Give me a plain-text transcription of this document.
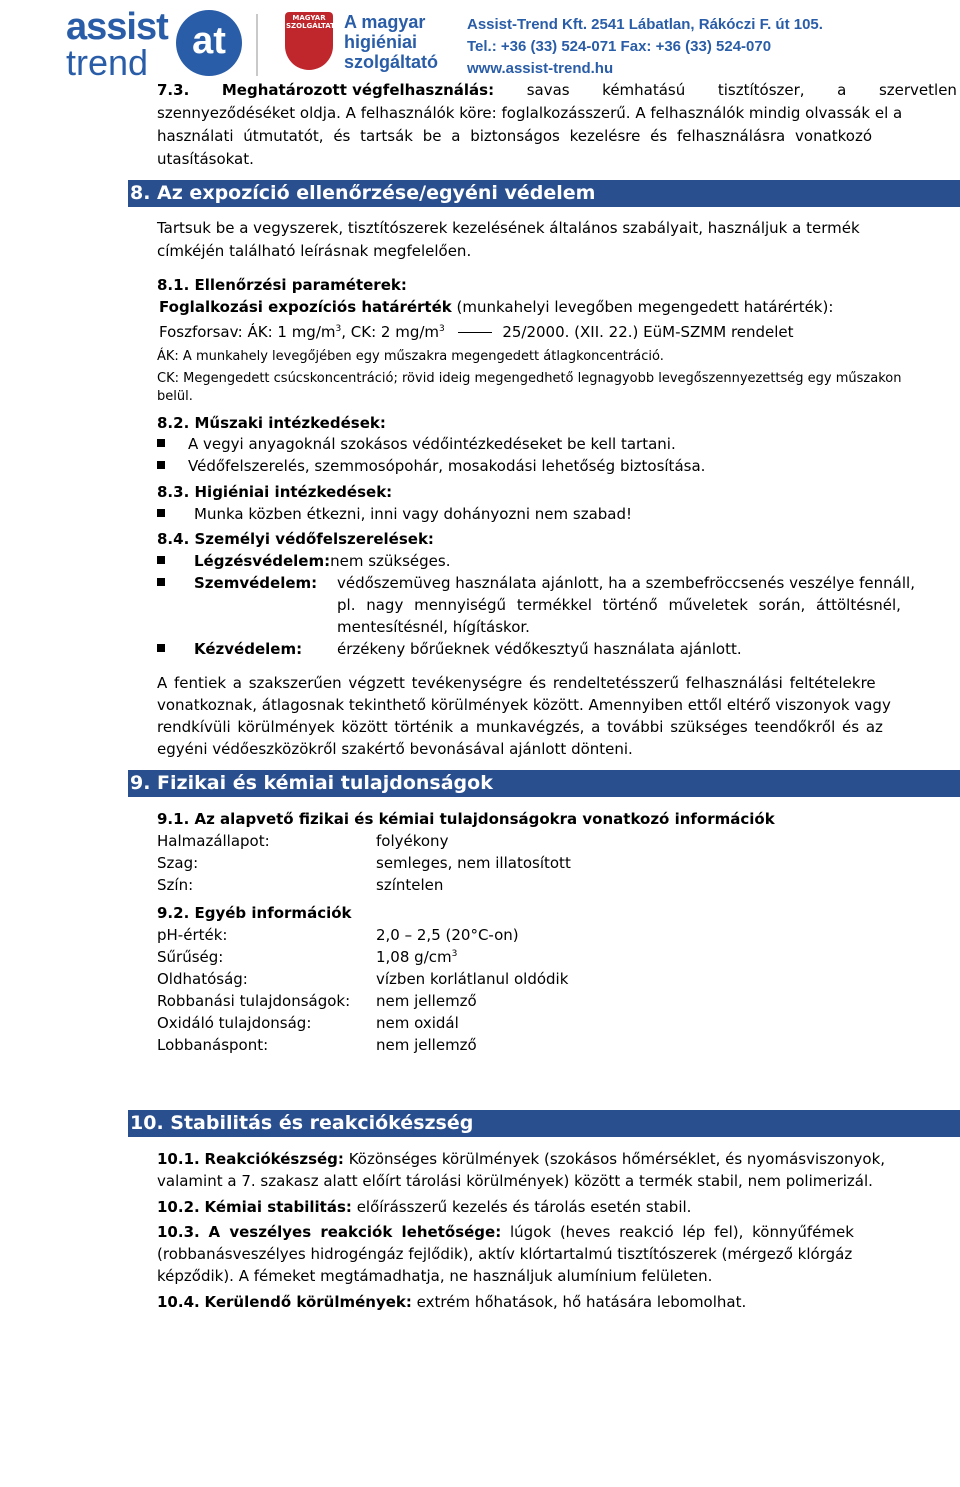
assist
trend
at
MAGYAR SZOLGÁLTATÁS A magyar
higiéniai
szolgáltató
Assist-Trend Kft. 2541 Lábatlan, Rákóczi F. út 105.
Tel.: +36 (33) 524-071 Fax: +36 (33) 524-070
www.assist-trend.hu
7.3. Meghatározott végfelhasználás: savas kémhatású tisztítószer, a szervetlen
szennyeződéséket oldja. A felhasználók köre: foglalkozásszerű. A felhasználók mindig olvassák el a
használati útmutatót, és tartsák be a biztonságos kezelésre és felhasználásra vonatkozó
utasításokat.
8. Az expozíció ellenőrzése/egyéni védelem
Tartsuk be a vegyszerek, tisztítószerek kezelésének általános szabályait, használjuk a termék
címkéjén található leírásnak megfelelően.
8.1. Ellenőrzési paraméterek:
Foglalkozási expozíciós határérték (munkahelyi levegőben megengedett határérték):
Foszforsav: ÁK: 1 $mg/m^3$, CK: 2 $mg/m^3$	25/2000. (XII. 22.) EüM-SZMM rendelet
ÁK: A munkahely levegőjében egy műszakra megengedett átlagkoncentráció.
CK: Megengedett csúcskoncentráció; rövid ideig megengedhető legnagyobb levegőszennyezettség egy műszakon
belül.
8.2. Műszaki intézkedések:
A vegyi anyagoknál szokásos védőintézkedéseket be kell tartani.
Védőfelszerelés, szemmosópohár, mosakodási lehetőség biztosítása.
8.3. Higiéniai intézkedések:
Munka közben étkezni, inni vagy dohányozni nem szabad!
8.4. Személyi védőfelszerelések:
Légzésvédelem:nem szükséges.
Szemvédelem: védőszemüveg használata ajánlott, ha a szembefröccsenés veszélye fennáll,
pl. nagy mennyiségű termékkel történő műveletek során, áttöltésnél,
mentesítésnél, hígításkor.
Kézvédelem: érzékeny bőrűeknek védőkesztyű használata ajánlott.
A fentiek a szakszerűen végzett tevékenységre és rendeltetésszerű felhasználási feltételekre
vonatkoznak, átlagosnak tekinthető körülmények között. Amennyiben ettől eltérő viszonyok vagy
rendkívüli körülmények között történik a munkavégzés, a további szükséges teendőkről és az
egyéni védőeszközökről szakértő bevonásával ajánlott dönteni.
9. Fizikai és kémiai tulajdonságok
9.1. Az alapvető fizikai és kémiai tulajdonságokra vonatkozó információk
Halmazállapot:	folyékony
Szag:	semleges, nem illatosított
Szín:	színtelen
9.2. Egyéb információk
pH-érték:	2,0 – 2,5 (20°C-on)
Sűrűség:	1,08 $g/cm^3$
Oldhatóság:	vízben korlátlanul oldódik
Robbanási tulajdonságok: nem jellemző
Oxidáló tulajdonság:	nem oxidál
Lobbanáspont:	nem jellemző
10. Stabilitás és reakciókészség
10.1. Reakciókészség: Közönséges körülmények (szokásos hőmérséklet, és nyomásviszonyok,
valamint a 7. szakasz alatt előírt tárolási körülmények) között a termék stabil, nem polimerizál.
10.2. Kémiai stabilitás: előírásszerű kezelés és tárolás esetén stabil.
10.3. A veszélyes reakciók lehetősége: lúgok (heves reakció lép fel), könnyűfémek
(robbanásveszélyes hidrogéngáz fejlődik), aktív klórtartalmú tisztítószerek (mérgező klórgáz
képződik). A fémeket megtámadhatja, ne használjuk alumínium felületen.
10.4. Kerülendő körülmények: extrém hőhatások, hő hatására lebomolhat.
